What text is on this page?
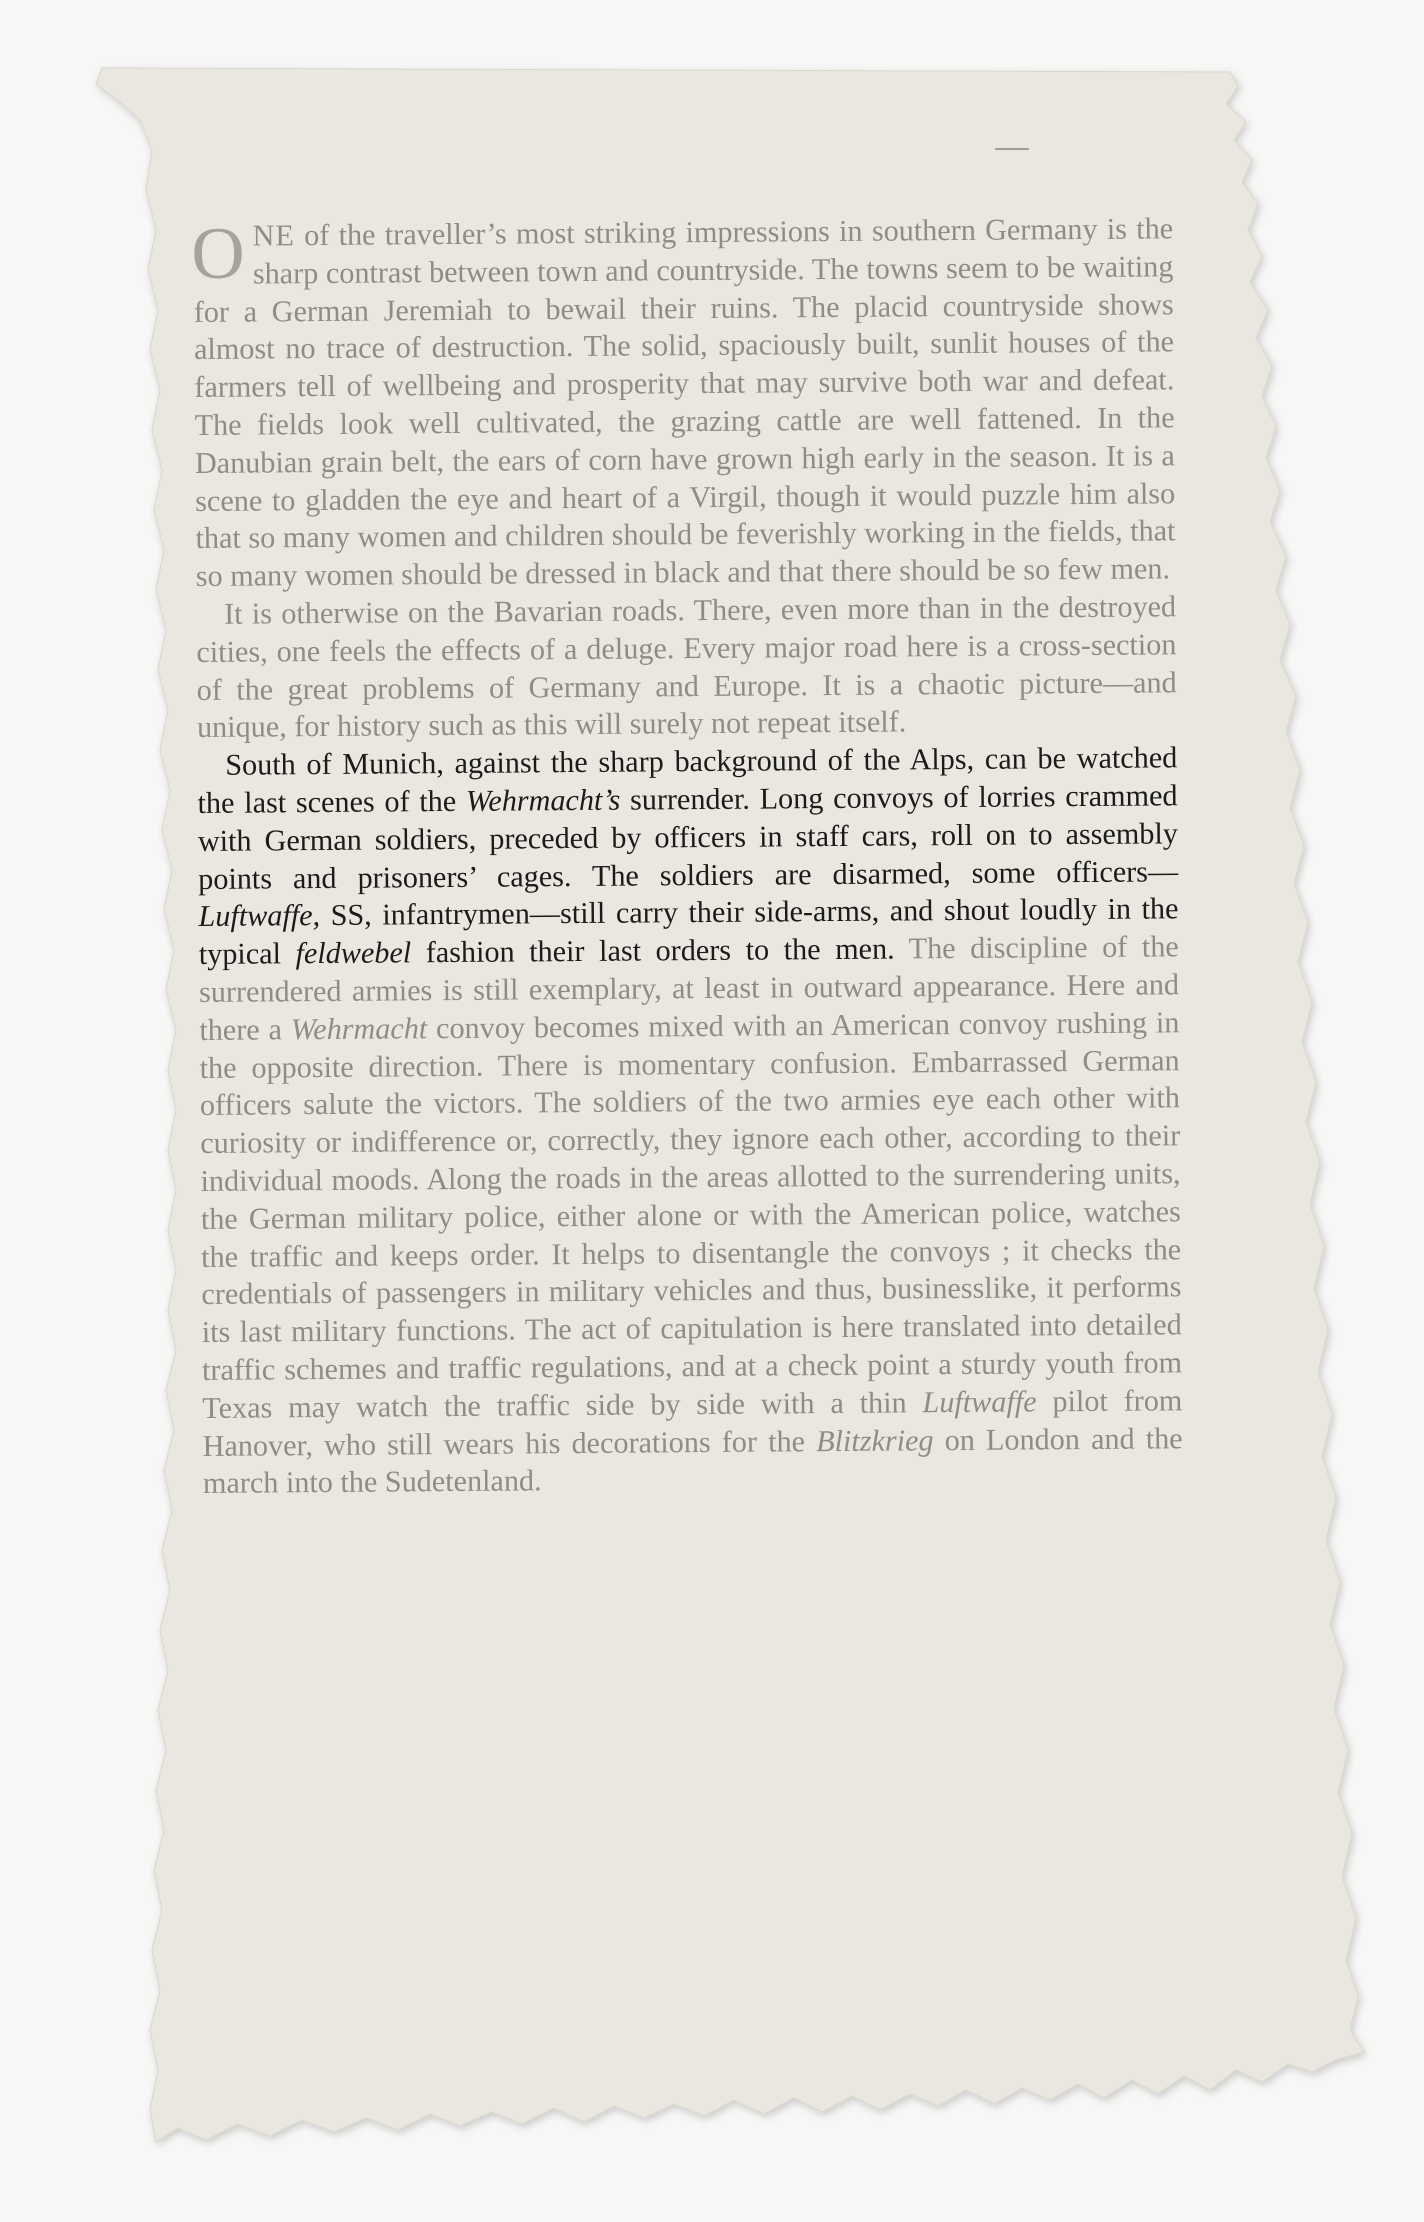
ONE of the traveller’s most striking impressions in southern Germany is the sharp contrast between town and countryside. The towns seem to be waiting for a German Jeremiah to bewail their ruins. The placid countryside shows almost no trace of destruction. The solid, spaciously built, sunlit houses of the farmers tell of wellbeing and prosperity that may survive both war and defeat. The fields look well cultivated, the grazing cattle are well fattened. In the Danubian grain belt, the ears of corn have grown high early in the season. It is a scene to gladden the eye and heart of a Virgil, though it would puzzle him also that so many women and children should be feverishly working in the fields, that so many women should be dressed in black and that there should be so few men.

It is otherwise on the Bavarian roads. There, even more than in the destroyed cities, one feels the effects of a deluge. Every major road here is a cross-section of the great problems of Germany and Europe. It is a chaotic picture—and unique, for history such as this will surely not repeat itself.

South of Munich, against the sharp background of the Alps, can be watched the last scenes of the Wehrmacht’s surrender. Long convoys of lorries crammed with German soldiers, preceded by officers in staff cars, roll on to assembly points and prisoners’ cages. The soldiers are disarmed, some officers—Luftwaffe, SS, infantrymen—still carry their side-arms, and shout loudly in the typical feldwebel fashion their last orders to the men. The discipline of the surrendered armies is still exemplary, at least in outward appearance. Here and there a Wehrmacht convoy becomes mixed with an American convoy rushing in the opposite direction. There is momentary confusion. Embarrassed German officers salute the victors. The soldiers of the two armies eye each other with curiosity or indifference or, correctly, they ignore each other, according to their individual moods. Along the roads in the areas allotted to the surrendering units, the German military police, either alone or with the American police, watches the traffic and keeps order. It helps to disentangle the convoys ; it checks the credentials of passengers in military vehicles and thus, businesslike, it performs its last military functions. The act of capitulation is here translated into detailed traffic schemes and traffic regulations, and at a check point a sturdy youth from Texas may watch the traffic side by side with a thin Luftwaffe pilot from Hanover, who still wears his decorations for the Blitzkrieg on London and the march into the Sudetenland.
